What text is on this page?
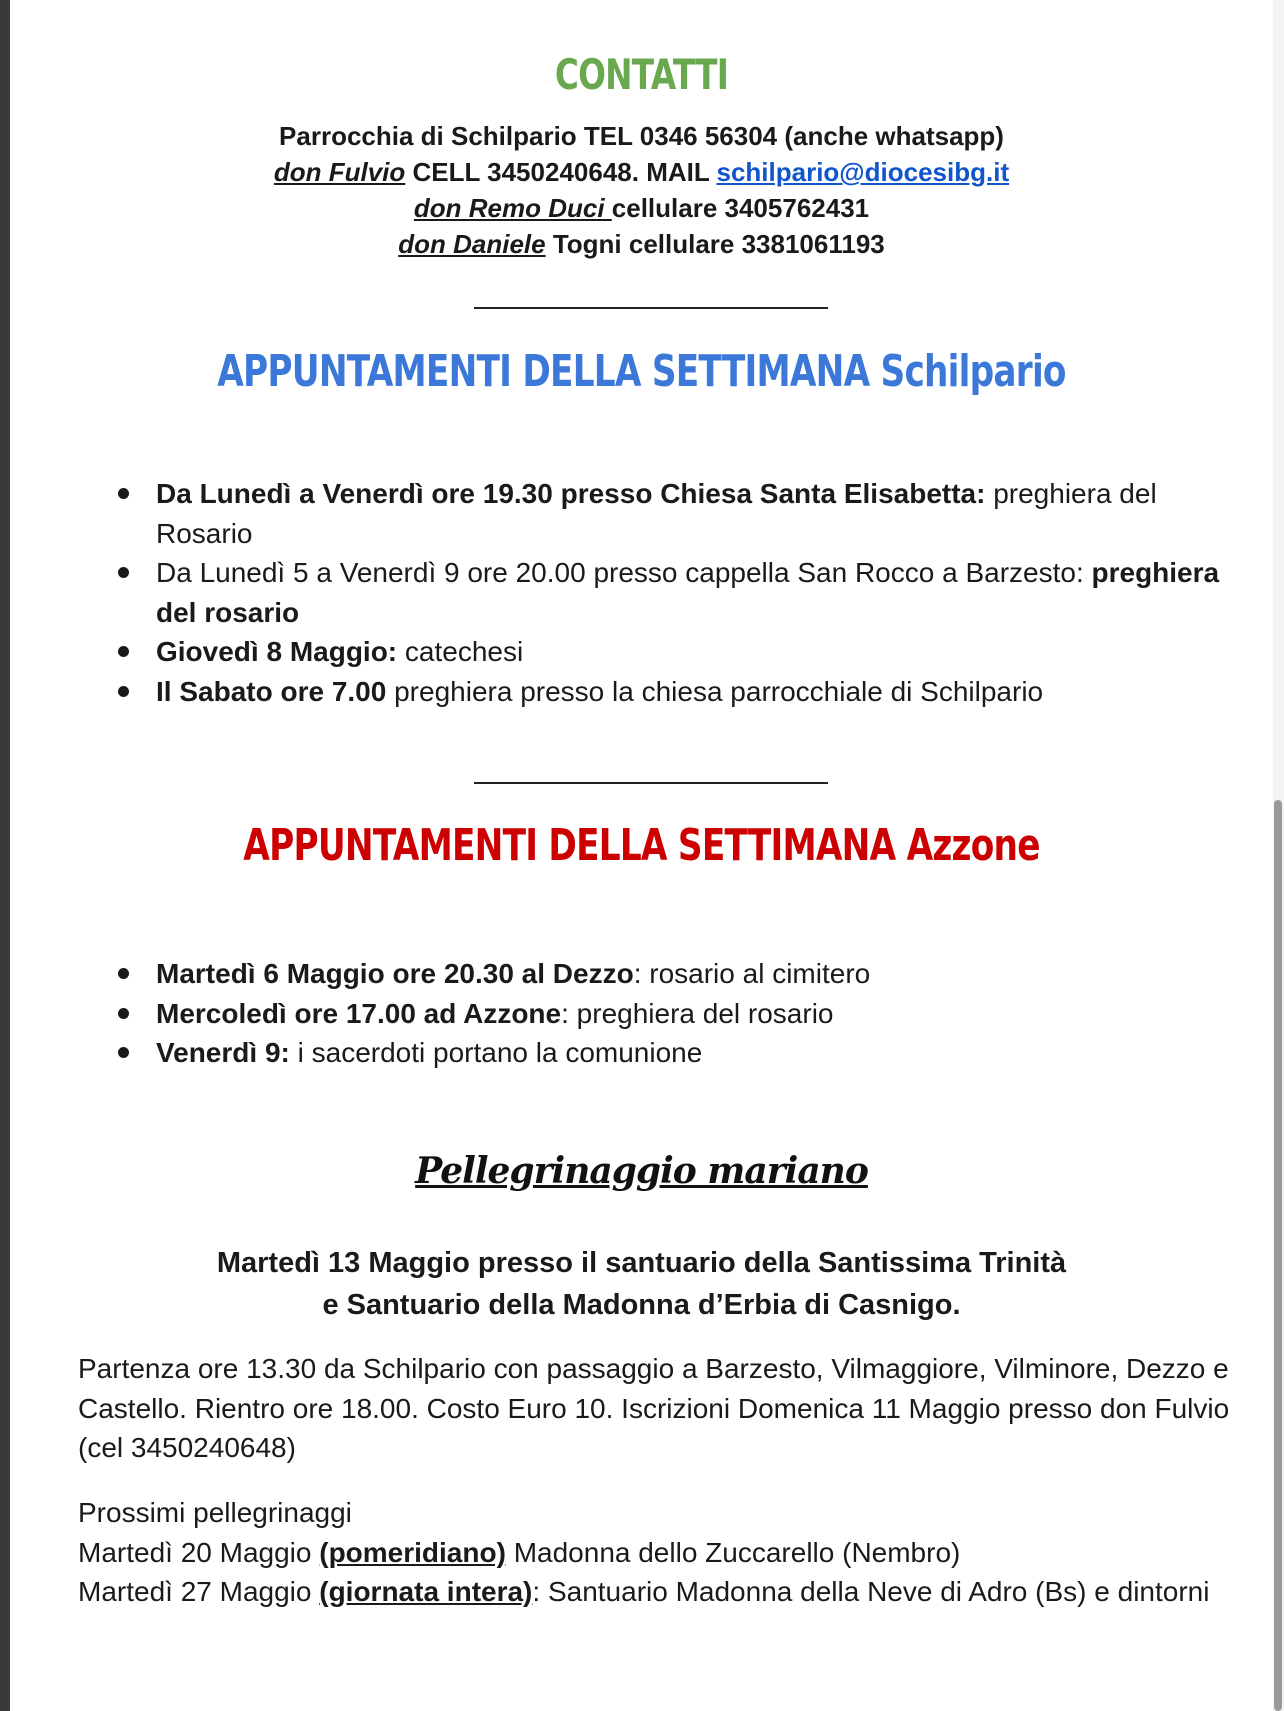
CONTATTI
Parrocchia di Schilpario TEL 0346 56304 (anche whatsapp)
don Fulvio CELL 3450240648. MAIL schilpario@diocesibg.it
don Remo Duci cellulare 3405762431
don Daniele Togni cellulare 3381061193
APPUNTAMENTI DELLA SETTIMANA Schilpario
Da Lunedì a Venerdì ore 19.30 presso Chiesa Santa Elisabetta: preghiera del Rosario
Da Lunedì 5 a Venerdì 9 ore 20.00 presso cappella San Rocco a Barzesto: preghiera del rosario
Giovedì 8 Maggio: catechesi
Il Sabato ore 7.00 preghiera presso la chiesa parrocchiale di Schilpario
APPUNTAMENTI DELLA SETTIMANA Azzone
Martedì 6 Maggio ore 20.30 al Dezzo: rosario al cimitero
Mercoledì ore 17.00 ad Azzone: preghiera del rosario
Venerdì 9: i sacerdoti portano la comunione
Pellegrinaggio mariano
Martedì 13 Maggio presso il santuario della Santissima Trinità
e Santuario della Madonna d’Erbia di Casnigo.

Partenza ore 13.30 da Schilpario con passaggio a Barzesto, Vilmaggiore, Vilminore, Dezzo e Castello. Rientro ore 18.00. Costo Euro 10. Iscrizioni Domenica 11 Maggio presso don Fulvio (cel 3450240648)

Prossimi pellegrinaggi
Martedì 20 Maggio (pomeridiano) Madonna dello Zuccarello (Nembro)
Martedì 27 Maggio (giornata intera): Santuario Madonna della Neve di Adro (Bs) e dintorni
